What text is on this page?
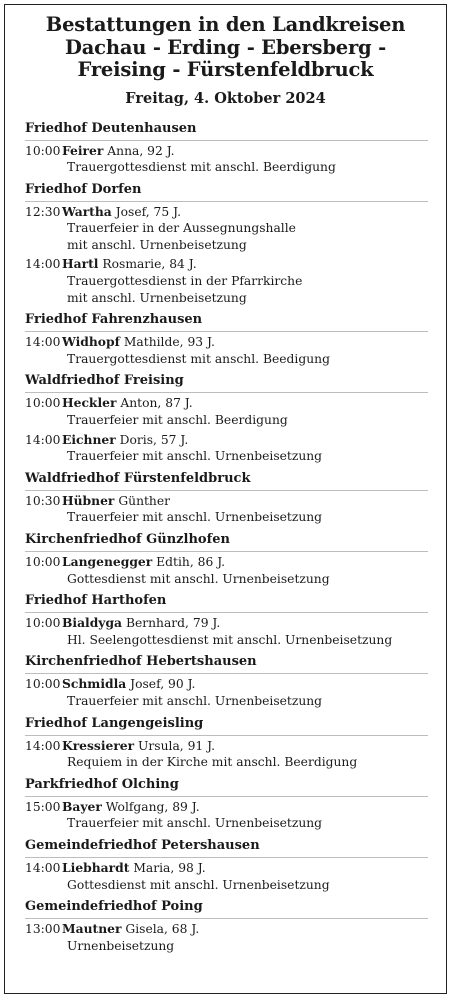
Bestattungen in den Landkreisen
Dachau - Erding - Ebersberg -
Freising - Fürstenfeldbruck
Freitag, 4. Oktober 2024
Friedhof Deutenhausen
10:00 Feirer Anna, 92 J.
Trauergottesdienst mit anschl. Beerdigung
Friedhof Dorfen
12:30 Wartha Josef, 75 J.
Trauerfeier in der Aussegnungshalle
mit anschl. Urnenbeisetzung
14:00 Hartl Rosmarie, 84 J.
Trauergottesdienst in der Pfarrkirche
mit anschl. Urnenbeisetzung
Friedhof Fahrenzhausen
14:00 Widhopf Mathilde, 93 J.
Trauergottesdienst mit anschl. Beedigung
Waldfriedhof Freising
10:00 Heckler Anton, 87 J.
Trauerfeier mit anschl. Beerdigung
14:00 Eichner Doris, 57 J.
Trauerfeier mit anschl. Urnenbeisetzung
Waldfriedhof Fürstenfeldbruck
10:30 Hübner Günther
Trauerfeier mit anschl. Urnenbeisetzung
Kirchenfriedhof Günzlhofen
10:00 Langenegger Edtih, 86 J.
Gottesdienst mit anschl. Urnenbeisetzung
Friedhof Harthofen
10:00 Bialdyga Bernhard, 79 J.
Hl. Seelengottesdienst mit anschl. Urnenbeisetzung
Kirchenfriedhof Hebertshausen
10:00 Schmidla Josef, 90 J.
Trauerfeier mit anschl. Urnenbeisetzung
Friedhof Langengeisling
14:00 Kressierer Ursula, 91 J.
Requiem in der Kirche mit anschl. Beerdigung
Parkfriedhof Olching
15:00 Bayer Wolfgang, 89 J.
Trauerfeier mit anschl. Urnenbeisetzung
Gemeindefriedhof Petershausen
14:00 Liebhardt Maria, 98 J.
Gottesdienst mit anschl. Urnenbeisetzung
Gemeindefriedhof Poing
13:00 Mautner Gisela, 68 J.
Urnenbeisetzung
